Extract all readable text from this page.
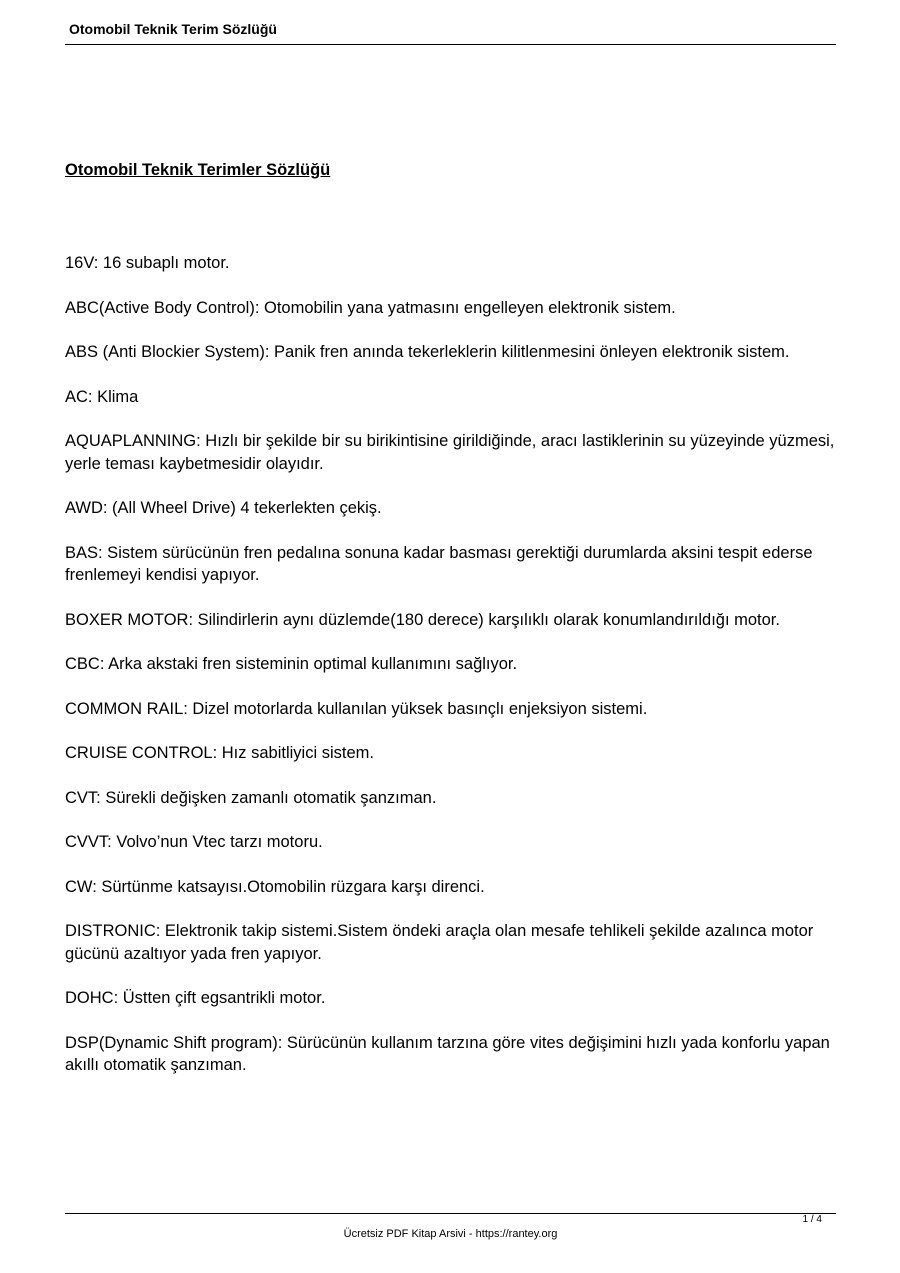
Otomobil Teknik Terim Sözlüğü
Otomobil Teknik Terimler Sözlüğü
16V: 16 subaplı motor.
ABC(Active Body Control): Otomobilin yana yatmasını engelleyen elektronik sistem.
ABS (Anti Blockier System): Panik fren anında tekerleklerin kilitlenmesini önleyen elektronik sistem.
AC: Klima
AQUAPLANNING: Hızlı bir şekilde bir su birikintisine girildiğinde, aracı lastiklerinin su yüzeyinde yüzmesi, yerle teması kaybetmesidir olayıdır.
AWD: (All Wheel Drive) 4 tekerlekten çekiş.
BAS: Sistem sürücünün fren pedalına sonuna kadar basması gerektiği durumlarda aksini tespit ederse frenlemeyi kendisi yapıyor.
BOXER MOTOR: Silindirlerin aynı düzlemde(180 derece) karşılıklı olarak konumlandırıldığı motor.
CBC: Arka akstaki fren sisteminin optimal kullanımını sağlıyor.
COMMON RAIL: Dizel motorlarda kullanılan yüksek basınçlı enjeksiyon sistemi.
CRUISE CONTROL: Hız sabitliyici sistem.
CVT: Sürekli değişken zamanlı otomatik şanzıman.
CVVT: Volvo’nun Vtec tarzı motoru.
CW: Sürtünme katsayısı.Otomobilin rüzgara karşı direnci.
DISTRONIC: Elektronik takip sistemi.Sistem öndeki araçla olan mesafe tehlikeli şekilde azalınca motor gücünü azaltıyor yada fren yapıyor.
DOHC: Üstten çift egsantrikli motor.
DSP(Dynamic Shift program): Sürücünün kullanım tarzına göre vites değişimini hızlı yada konforlu yapan akıllı otomatik şanzıman.
1 / 4
Ücretsiz PDF Kitap Arsivi - https://rantey.org
